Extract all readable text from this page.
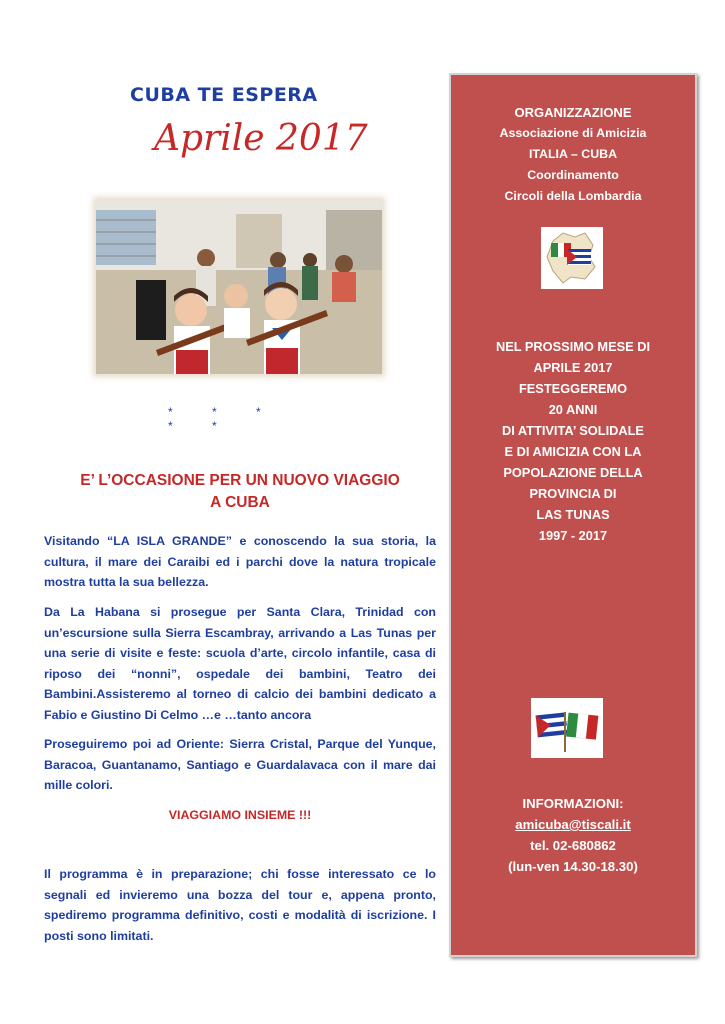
CUBA TE ESPERA
Aprile 2017
* * * * *
E’ L’OCCASIONE PER UN NUOVO VIAGGIO
A CUBA
Visitando “LA ISLA GRANDE” e conoscendo la sua storia, la cultura, il mare dei Caraibi ed i parchi dove la natura tropicale mostra tutta la sua bellezza.
Da La Habana si prosegue per Santa Clara, Trinidad con un’escursione sulla Sierra Escambray, arrivando a Las Tunas per una serie di visite e feste: scuola d’arte, circolo infantile, casa di riposo dei “nonni”, ospedale dei bambini, Teatro dei Bambini.Assisteremo al torneo di calcio dei bambini dedicato a Fabio e Giustino Di Celmo …e …tanto ancora
Proseguiremo poi ad Oriente: Sierra Cristal, Parque del Yunque, Baracoa, Guantanamo, Santiago e Guardalavaca con il mare dai mille colori.
VIAGGIAMO INSIEME !!!
Il programma è in preparazione; chi fosse interessato ce lo segnali ed invieremo una bozza del tour e, appena pronto, spediremo programma definitivo, costi e modalità di iscrizione. I posti sono limitati.
ORGANIZZAZIONE
Associazione di Amicizia
ITALIA – CUBA
Coordinamento
Circoli della Lombardia
NEL PROSSIMO MESE DI
APRILE 2017
FESTEGGEREMO
20 ANNI
DI ATTIVITA’ SOLIDALE
E DI AMICIZIA CON LA
POPOLAZIONE DELLA
PROVINCIA DI
LAS TUNAS
1997 - 2017
INFORMAZIONI:
amicuba@tiscali.it
tel. 02-680862
(lun-ven 14.30-18.30)
